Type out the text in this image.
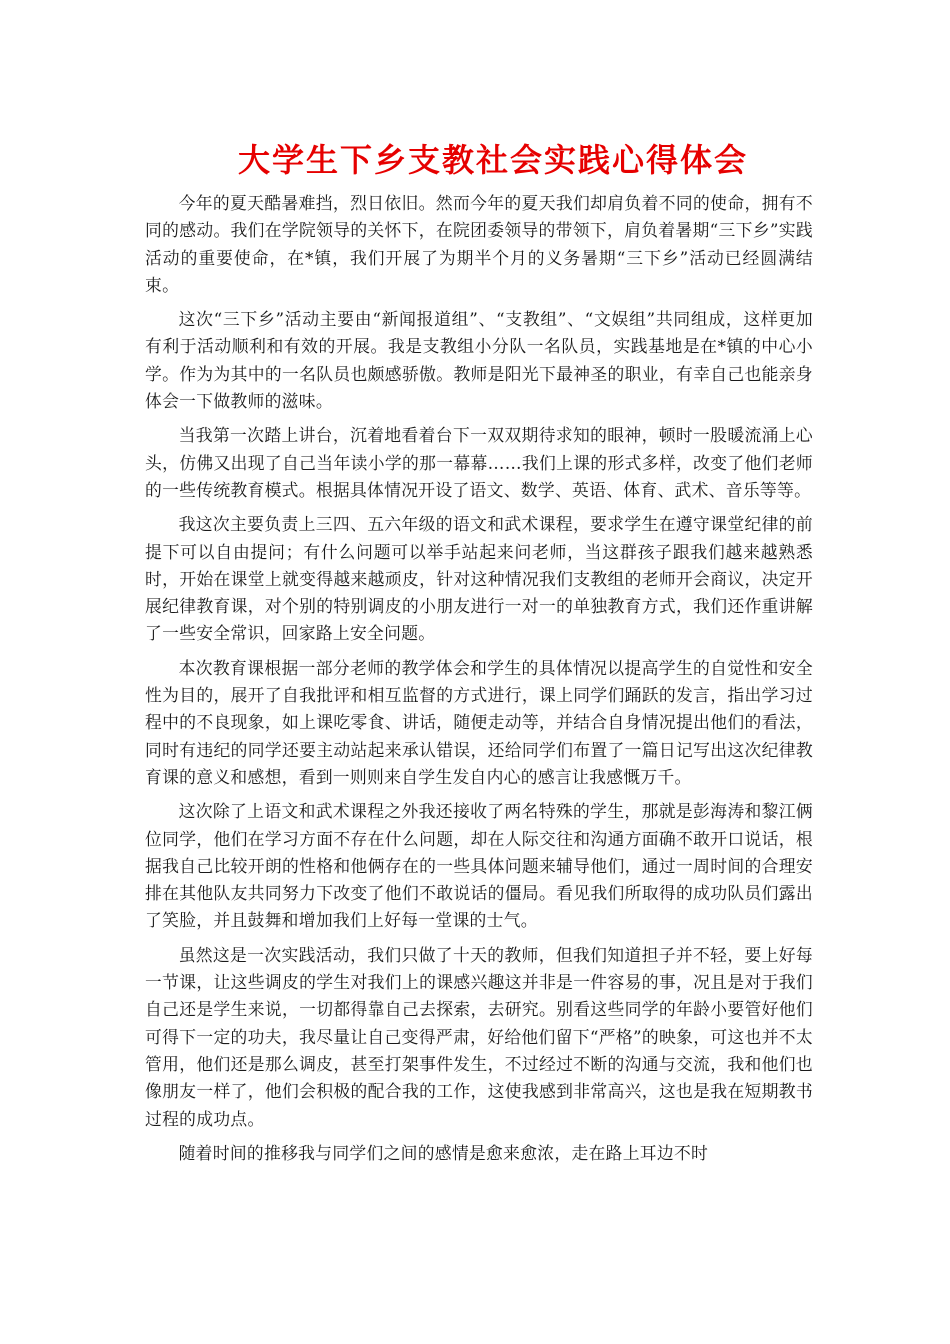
大学生下乡支教社会实践心得体会

今年的夏天酷暑难挡，烈日依旧。然而今年的夏天我们却肩负着不同的使命，拥有不同的感动。我们在学院领导的关怀下，在院团委领导的带领下，肩负着暑期“三下乡”实践活动的重要使命，在*镇，我们开展了为期半个月的义务暑期“三下乡”活动已经圆满结束。

这次“三下乡”活动主要由“新闻报道组”、“支教组”、“文娱组”共同组成，这样更加有利于活动顺利和有效的开展。我是支教组小分队一名队员，实践基地是在*镇的中心小学。作为为其中的一名队员也颇感骄傲。教师是阳光下最神圣的职业，有幸自己也能亲身体会一下做教师的滋味。

当我第一次踏上讲台，沉着地看着台下一双双期待求知的眼神，顿时一股暖流涌上心头，仿佛又出现了自己当年读小学的那一幕幕……我们上课的形式多样，改变了他们老师的一些传统教育模式。根据具体情况开设了语文、数学、英语、体育、武术、音乐等等。

我这次主要负责上三四、五六年级的语文和武术课程，要求学生在遵守课堂纪律的前提下可以自由提问；有什么问题可以举手站起来问老师，当这群孩子跟我们越来越熟悉时，开始在课堂上就变得越来越顽皮，针对这种情况我们支教组的老师开会商议，决定开展纪律教育课，对个别的特别调皮的小朋友进行一对一的单独教育方式，我们还作重讲解了一些安全常识，回家路上安全问题。

本次教育课根据一部分老师的教学体会和学生的具体情况以提高学生的自觉性和安全性为目的，展开了自我批评和相互监督的方式进行，课上同学们踊跃的发言，指出学习过程中的不良现象，如上课吃零食、讲话，随便走动等，并结合自身情况提出他们的看法，同时有违纪的同学还要主动站起来承认错误，还给同学们布置了一篇日记写出这次纪律教育课的意义和感想，看到一则则来自学生发自内心的感言让我感慨万千。

这次除了上语文和武术课程之外我还接收了两名特殊的学生，那就是彭海涛和黎江俩位同学，他们在学习方面不存在什么问题，却在人际交往和沟通方面确不敢开口说话，根据我自己比较开朗的性格和他俩存在的一些具体问题来辅导他们，通过一周时间的合理安排在其他队友共同努力下改变了他们不敢说话的僵局。看见我们所取得的成功队员们露出了笑脸，并且鼓舞和增加我们上好每一堂课的士气。

虽然这是一次实践活动，我们只做了十天的教师，但我们知道担子并不轻，要上好每一节课，让这些调皮的学生对我们上的课感兴趣这并非是一件容易的事，况且是对于我们自己还是学生来说，一切都得靠自己去探索，去研究。别看这些同学的年龄小要管好他们可得下一定的功夫，我尽量让自己变得严肃，好给他们留下“严格”的映象，可这也并不太管用，他们还是那么调皮，甚至打架事件发生，不过经过不断的沟通与交流，我和他们也像朋友一样了，他们会积极的配合我的工作，这使我感到非常高兴，这也是我在短期教书过程的成功点。

随着时间的推移我与同学们之间的感情是愈来愈浓，走在路上耳边不时
